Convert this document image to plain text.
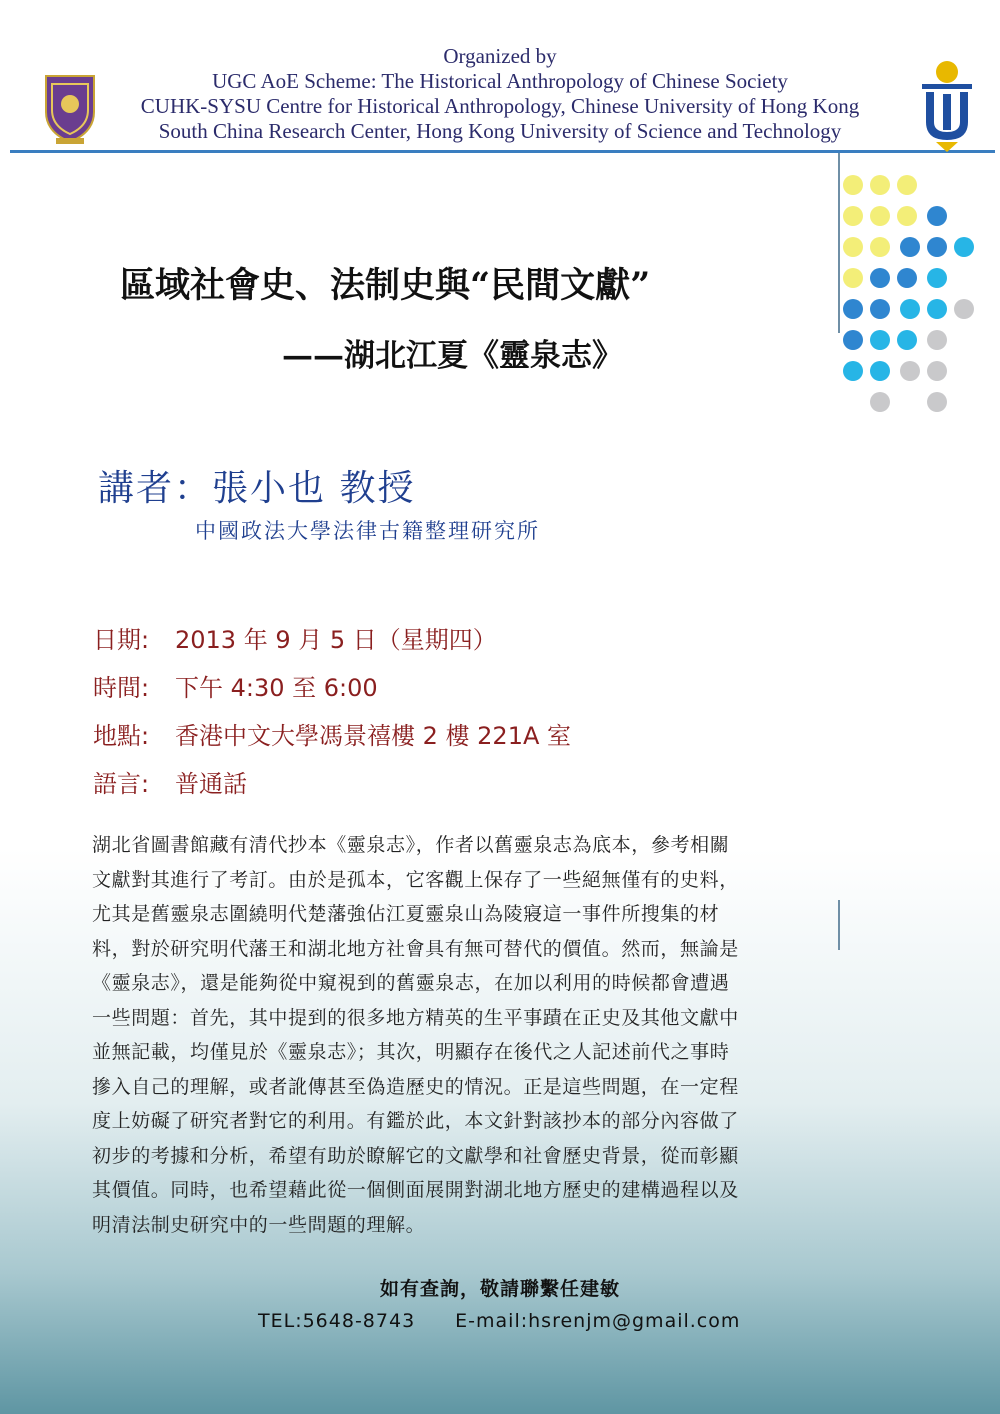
Organized by
UGC AoE Scheme: The Historical Anthropology of Chinese Society
CUHK-SYSU Centre for Historical Anthropology, Chinese University of Hong Kong
South China Research Center, Hong Kong University of Science and Technology
區域社會史、法制史與“民間文獻”
——湖北江夏《靈泉志》
講者：張小也 教授
中國政法大學法律古籍整理研究所
日期: 2013 年 9 月 5 日（星期四）
時間: 下午 4:30 至 6:00
地點: 香港中文大學馮景禧樓 2 樓 221A 室
語言: 普通話
湖北省圖書館藏有清代抄本《靈泉志》，作者以舊靈泉志為底本，參考相關
文獻對其進行了考訂。由於是孤本，它客觀上保存了一些絕無僅有的史料，
尤其是舊靈泉志圍繞明代楚藩強佔江夏靈泉山為陵寢這一事件所搜集的材
料，對於研究明代藩王和湖北地方社會具有無可替代的價值。然而，無論是
《靈泉志》，還是能夠從中窺視到的舊靈泉志，在加以利用的時候都會遭遇
一些問題：首先，其中提到的很多地方精英的生平事蹟在正史及其他文獻中
並無記載，均僅見於《靈泉志》；其次，明顯存在後代之人記述前代之事時
摻入自己的理解，或者訛傳甚至偽造歷史的情況。正是這些問題，在一定程
度上妨礙了研究者對它的利用。有鑑於此，本文針對該抄本的部分內容做了
初步的考據和分析，希望有助於瞭解它的文獻學和社會歷史背景，從而彰顯
其價值。同時，也希望藉此從一個側面展開對湖北地方歷史的建構過程以及
明清法制史研究中的一些問題的理解。
如有查詢，敬請聯繫任建敏
TEL:5648-8743 E-mail:hsrenjm@gmail.com
